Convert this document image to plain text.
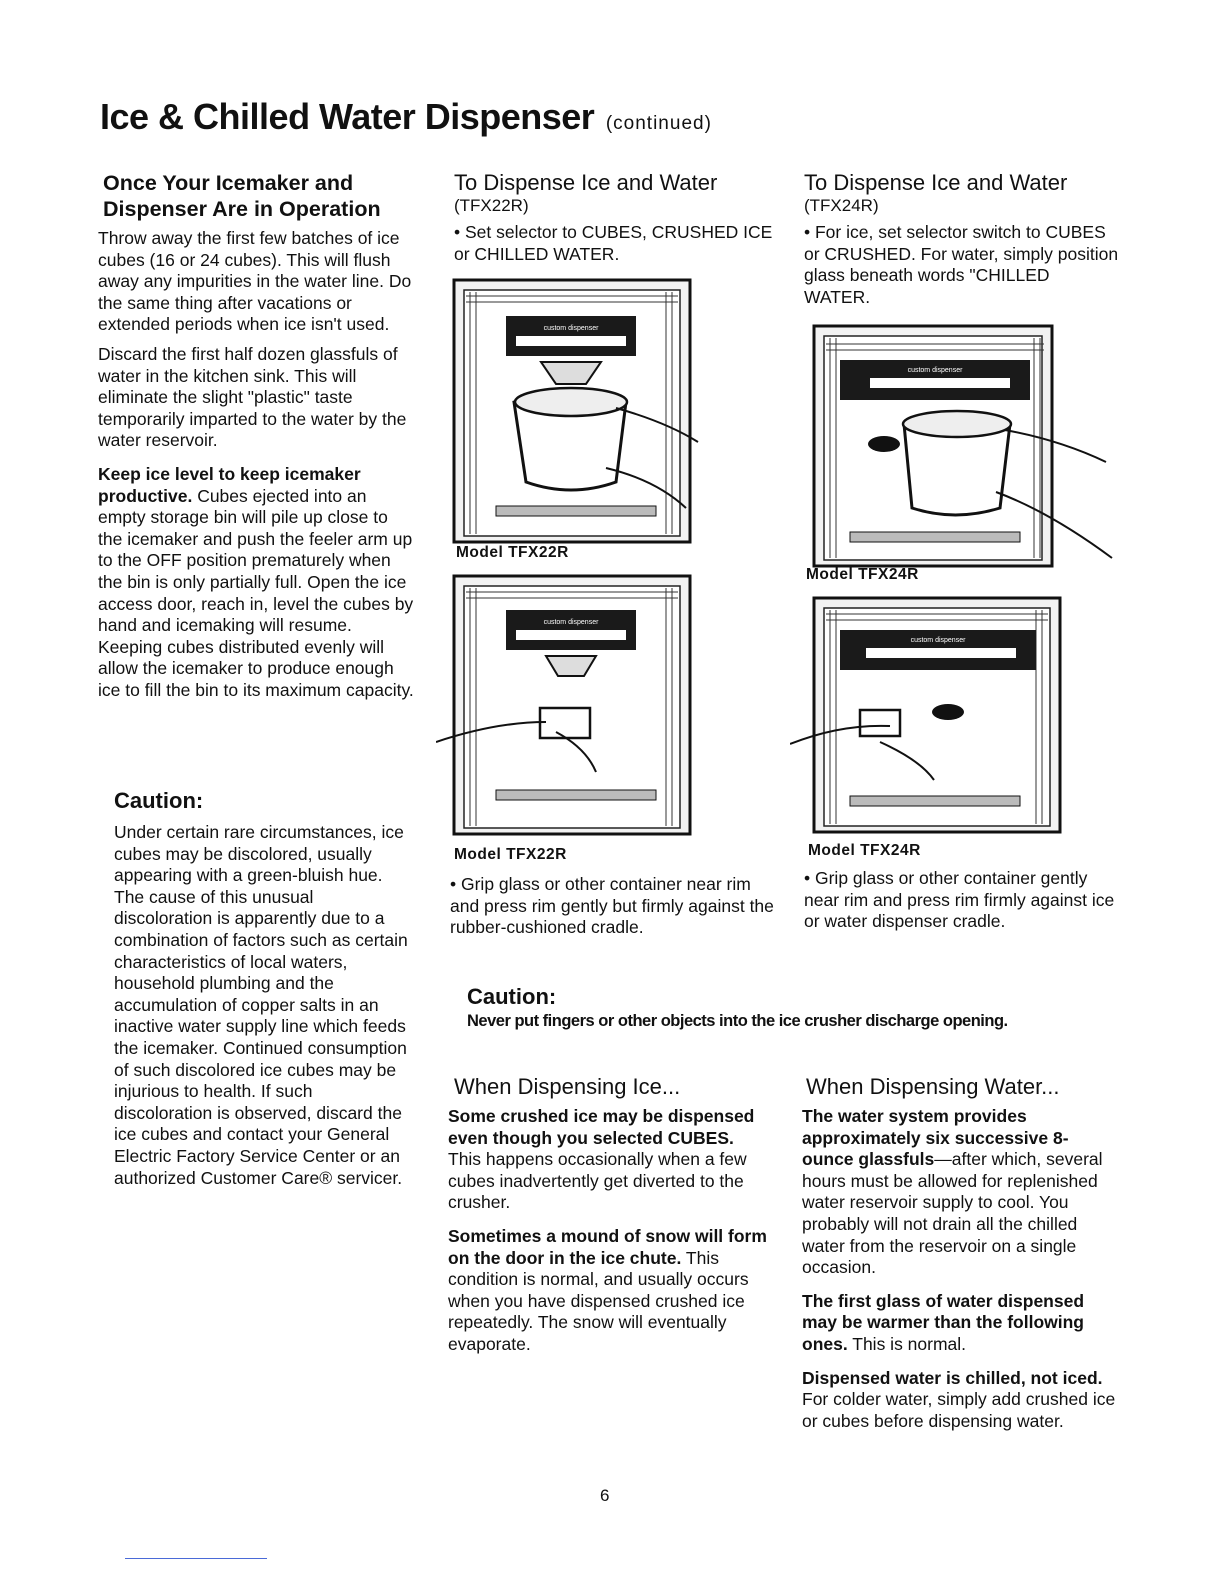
Ice & Chilled Water Dispenser (continued)
Once Your Icemaker and
Dispenser Are in Operation

Throw away the first few batches of ice cubes (16 or 24 cubes). This will flush away any impurities in the water line. Do the same thing after vacations or extended periods when ice isn't used.

Discard the first half dozen glassfuls of water in the kitchen sink. This will eliminate the slight "plastic" taste temporarily imparted to the water by the water reservoir.

Keep ice level to keep icemaker productive. Cubes ejected into an empty storage bin will pile up close to the icemaker and push the feeler arm up to the OFF position prematurely when the bin is only partially full. Open the ice access door, reach in, level the cubes by hand and icemaking will resume. Keeping cubes distributed evenly will allow the icemaker to produce enough ice to fill the bin to its maximum capacity.

Caution:

Under certain rare circumstances, ice cubes may be discolored, usually appearing with a green-bluish hue. The cause of this unusual discoloration is apparently due to a combination of factors such as certain characteristics of local waters, household plumbing and the accumulation of copper salts in an inactive water supply line which feeds the icemaker. Continued consumption of such discolored ice cubes may be injurious to health. If such discoloration is observed, discard the ice cubes and contact your General Electric Factory Service Center or an authorized Customer Care® servicer.

To Dispense Ice and Water
(TFX22R)

• Set selector to CUBES, CRUSHED ICE or CHILLED WATER.

custom dispenser
Model TFX22R
custom dispenser
Model TFX22R

• Grip glass or other container near rim and press rim gently but firmly against the rubber-cushioned cradle.

To Dispense Ice and Water
(TFX24R)

• For ice, set selector switch to CUBES or CRUSHED. For water, simply position glass beneath words "CHILLED WATER.

custom dispenser
Model TFX24R
custom dispenser
Model TFX24R

• Grip glass or other container gently near rim and press rim firmly against ice or water dispenser cradle.

Caution:
Never put fingers or other objects into the ice crusher discharge opening.
When Dispensing Ice...

Some crushed ice may be dispensed even though you selected CUBES. This happens occasionally when a few cubes inadvertently get diverted to the crusher.

Sometimes a mound of snow will form on the door in the ice chute. This condition is normal, and usually occurs when you have dispensed crushed ice repeatedly. The snow will eventually evaporate.

When Dispensing Water...

The water system provides approximately six successive 8-ounce glassfuls—after which, several hours must be allowed for replenished water reservoir supply to cool. You probably will not drain all the chilled water from the reservoir on a single occasion.

The first glass of water dispensed may be warmer than the following ones. This is normal.

Dispensed water is chilled, not iced. For colder water, simply add crushed ice or cubes before dispensing water.

6
